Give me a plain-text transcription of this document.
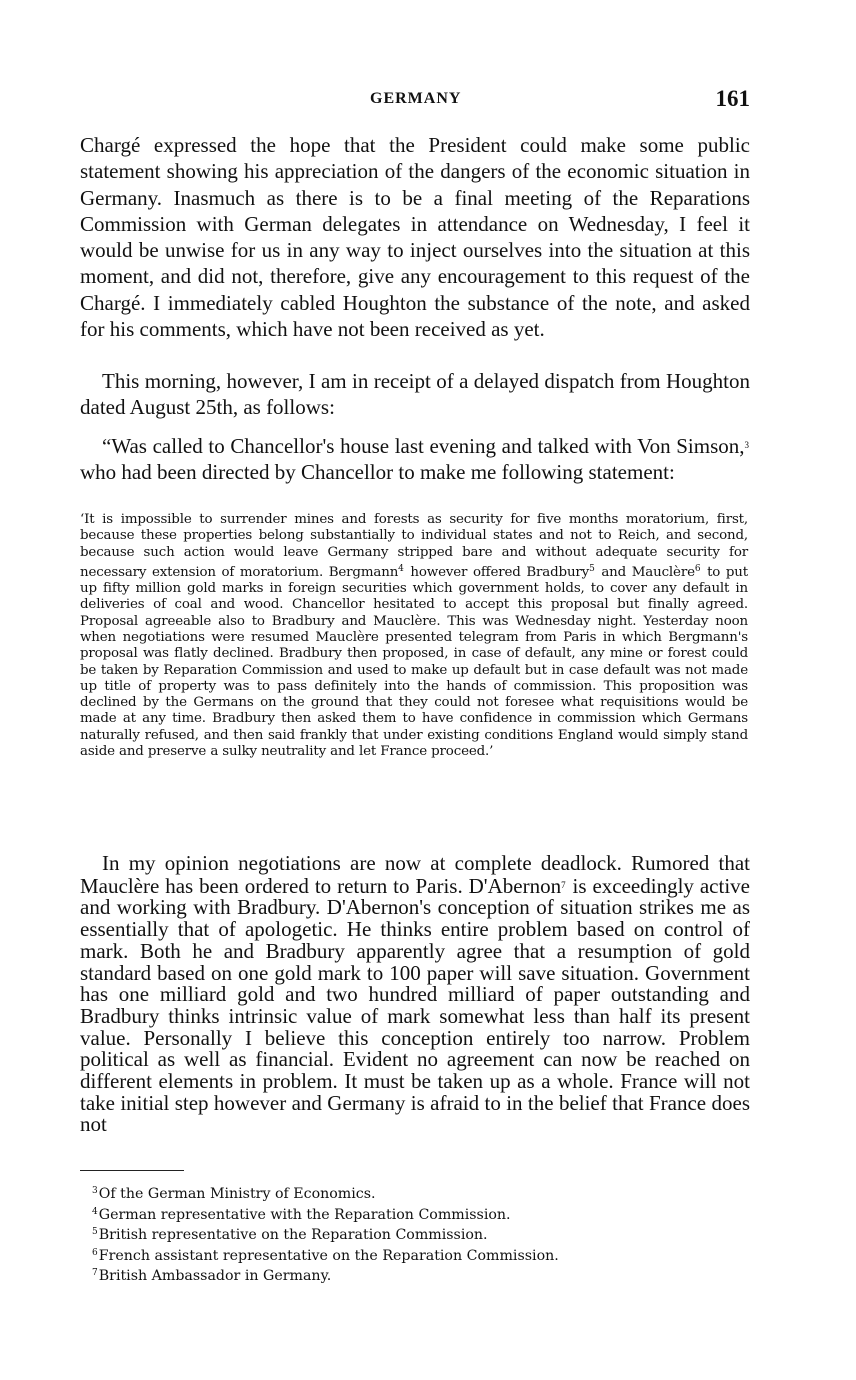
GERMANY	161

Chargé expressed the hope that the President could make some public statement showing his appreciation of the dangers of the economic situation in Germany. Inasmuch as there is to be a final meeting of the Reparations Commission with German delegates in attendance on Wednesday, I feel it would be unwise for us in any way to inject ourselves into the situation at this moment, and did not, therefore, give any encouragement to this request of the Chargé. I immediately cabled Houghton the substance of the note, and asked for his comments, which have not been received as yet.

This morning, however, I am in receipt of a delayed dispatch from Houghton dated August 25th, as follows:

“Was called to Chancellor's house last evening and talked with Von Simson,$^3$ who had been directed by Chancellor to make me following statement:

‘It is impossible to surrender mines and forests as security for five months moratorium, first, because these properties belong substantially to individual states and not to Reich, and second, because such action would leave Germany stripped bare and without adequate security for necessary extension of moratorium. Bergmann$^4$ however offered Bradbury$^5$ and Mauclère$^6$ to put up fifty million gold marks in foreign securities which government holds, to cover any default in deliveries of coal and wood. Chancellor hesitated to accept this proposal but finally agreed. Proposal agreeable also to Bradbury and Mauclère. This was Wednesday night. Yesterday noon when negotiations were resumed Mauclère presented telegram from Paris in which Bergmann's proposal was flatly declined. Bradbury then proposed, in case of default, any mine or forest could be taken by Reparation Commission and used to make up default but in case default was not made up title of property was to pass definitely into the hands of commission. This proposition was declined by the Germans on the ground that they could not foresee what requisitions would be made at any time. Bradbury then asked them to have confidence in commission which Germans naturally refused, and then said frankly that under existing conditions England would simply stand aside and preserve a sulky neutrality and let France proceed.’

In my opinion negotiations are now at complete deadlock. Rumored that Mauclère has been ordered to return to Paris. D'Abernon$^7$ is exceedingly active and working with Bradbury. D'Abernon's conception of situation strikes me as essentially that of apologetic. He thinks entire problem based on control of mark. Both he and Bradbury apparently agree that a resumption of gold standard based on one gold mark to 100 paper will save situation. Government has one milliard gold and two hundred milliard of paper outstanding and Bradbury thinks intrinsic value of mark somewhat less than half its present value. Personally I believe this conception entirely too narrow. Problem political as well as financial. Evident no agreement can now be reached on different elements in problem. It must be taken up as a whole. France will not take initial step however and Germany is afraid to in the belief that France does not

$^3$Of the German Ministry of Economics.
$^4$German representative with the Reparation Commission.
$^5$British representative on the Reparation Commission.
$^6$French assistant representative on the Reparation Commission.
$^7$British Ambassador in Germany.
